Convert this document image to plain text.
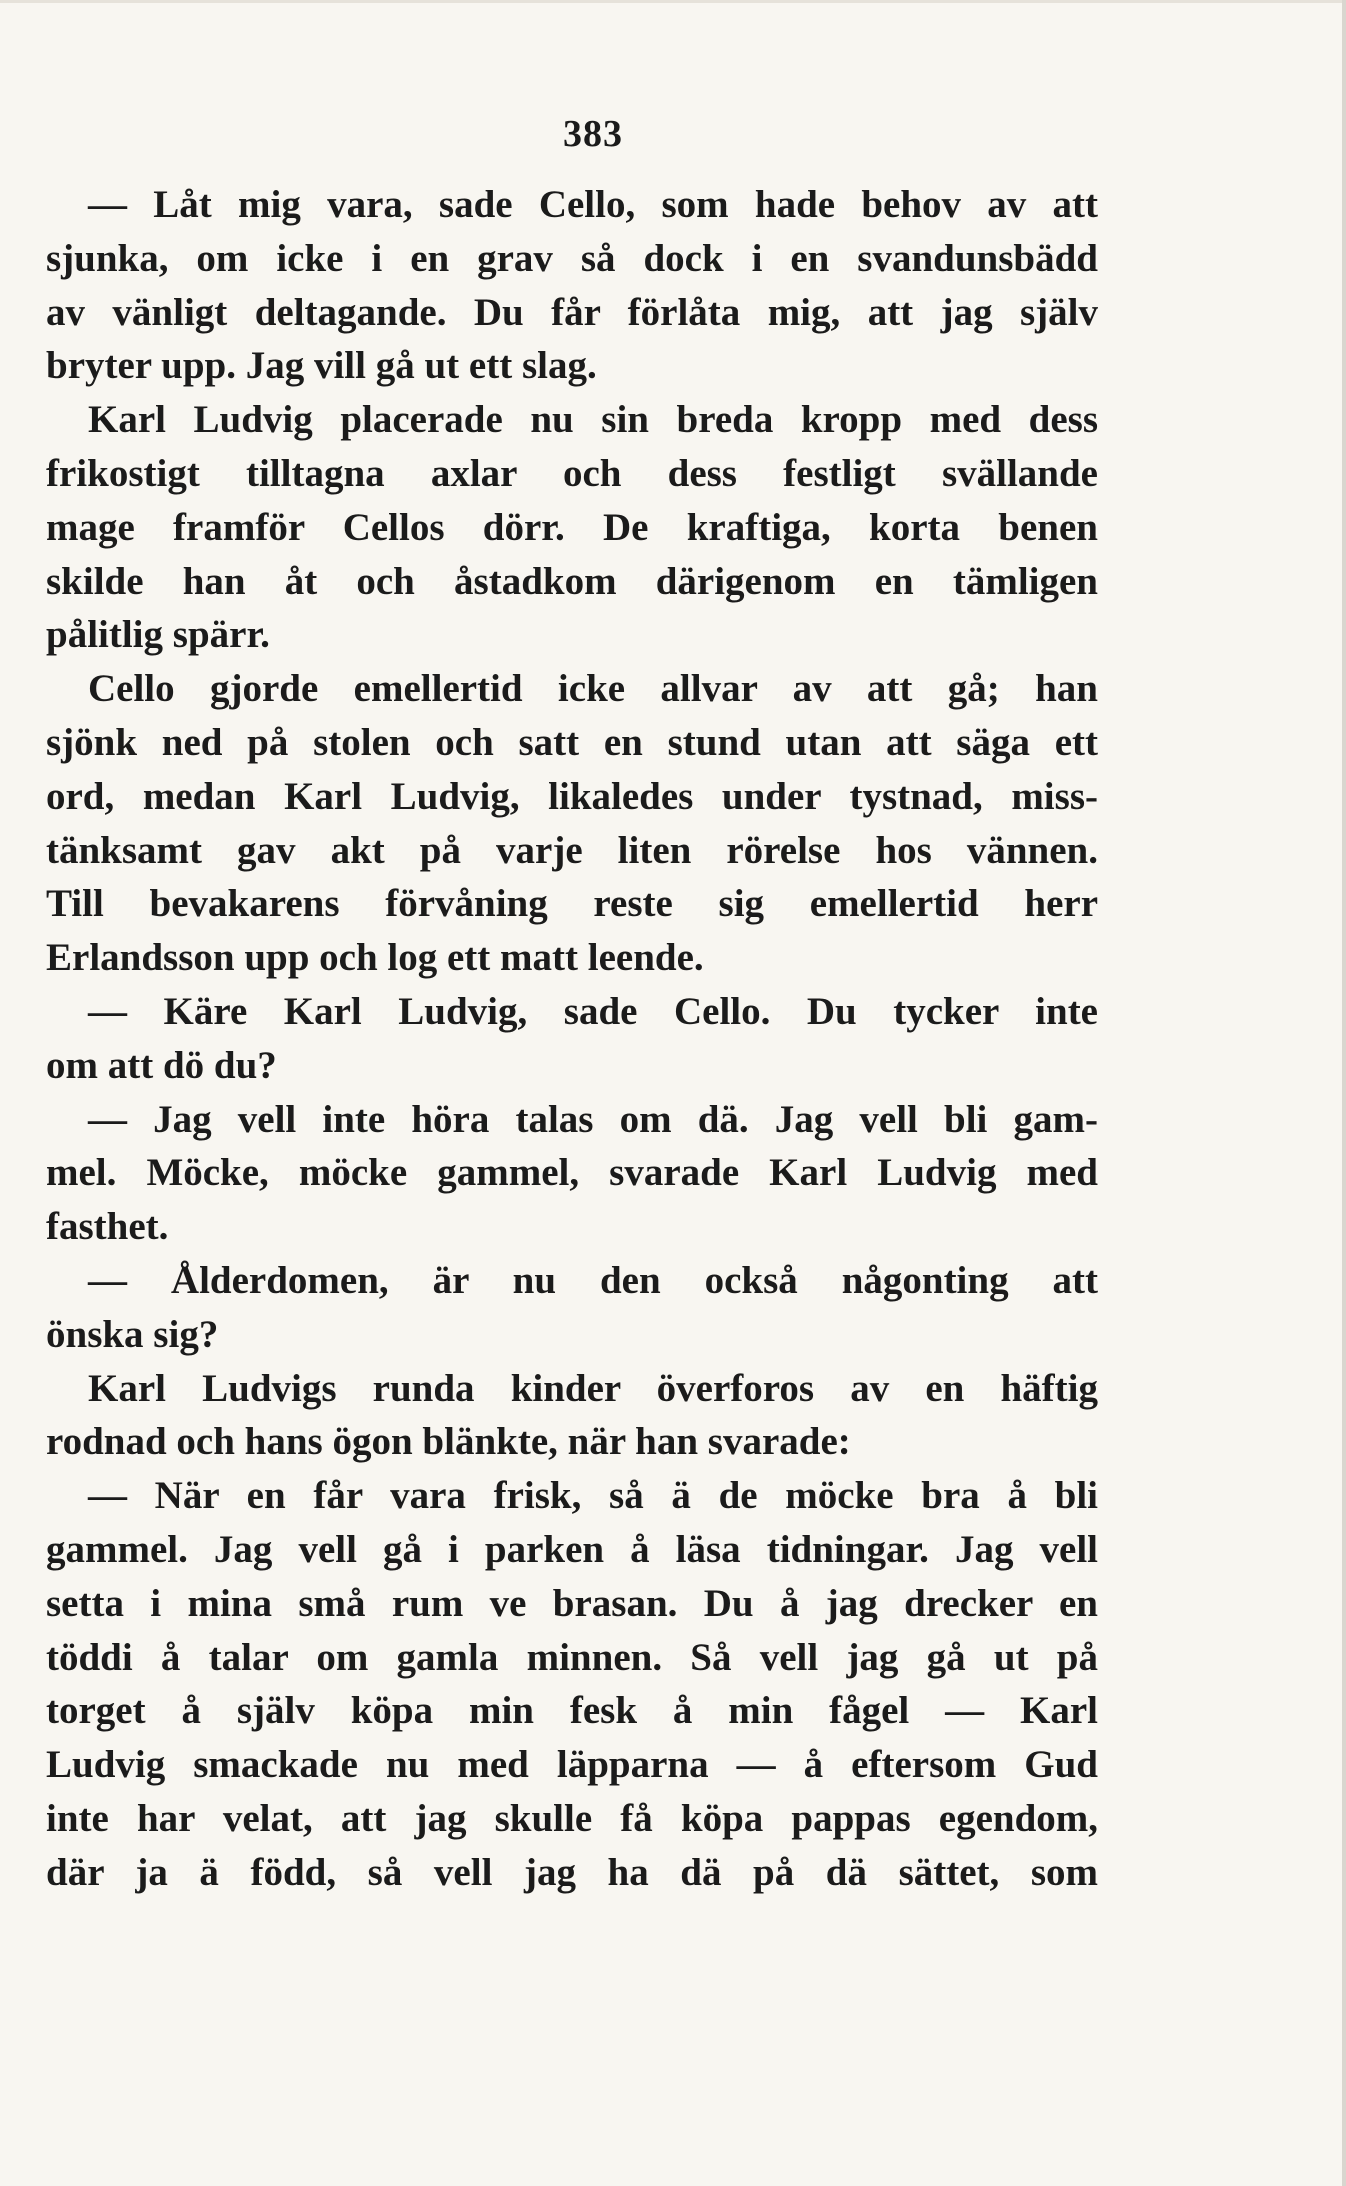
383
— Låt mig vara, sade Cello, som hade behov av att
sjunka, om icke i en grav så dock i en svandunsbädd
av vänligt deltagande. Du får förlåta mig, att jag själv
bryter upp. Jag vill gå ut ett slag.
Karl Ludvig placerade nu sin breda kropp med dess
frikostigt tilltagna axlar och dess festligt svällande
mage framför Cellos dörr. De kraftiga, korta benen
skilde han åt och åstadkom därigenom en tämligen
pålitlig spärr.
Cello gjorde emellertid icke allvar av att gå; han
sjönk ned på stolen och satt en stund utan att säga ett
ord, medan Karl Ludvig, likaledes under tystnad, miss-
tänksamt gav akt på varje liten rörelse hos vännen.
Till bevakarens förvåning reste sig emellertid herr
Erlandsson upp och log ett matt leende.
— Käre Karl Ludvig, sade Cello. Du tycker inte
om att dö du?
— Jag vell inte höra talas om dä. Jag vell bli gam-
mel. Möcke, möcke gammel, svarade Karl Ludvig med
fasthet.
— Ålderdomen, är nu den också någonting att
önska sig?
Karl Ludvigs runda kinder överforos av en häftig
rodnad och hans ögon blänkte, när han svarade:
— När en får vara frisk, så ä de möcke bra å bli
gammel. Jag vell gå i parken å läsa tidningar. Jag vell
setta i mina små rum ve brasan. Du å jag drecker en
töddi å talar om gamla minnen. Så vell jag gå ut på
torget å själv köpa min fesk å min fågel — Karl
Ludvig smackade nu med läpparna — å eftersom Gud
inte har velat, att jag skulle få köpa pappas egendom,
där ja ä född, så vell jag ha dä på dä sättet, som
